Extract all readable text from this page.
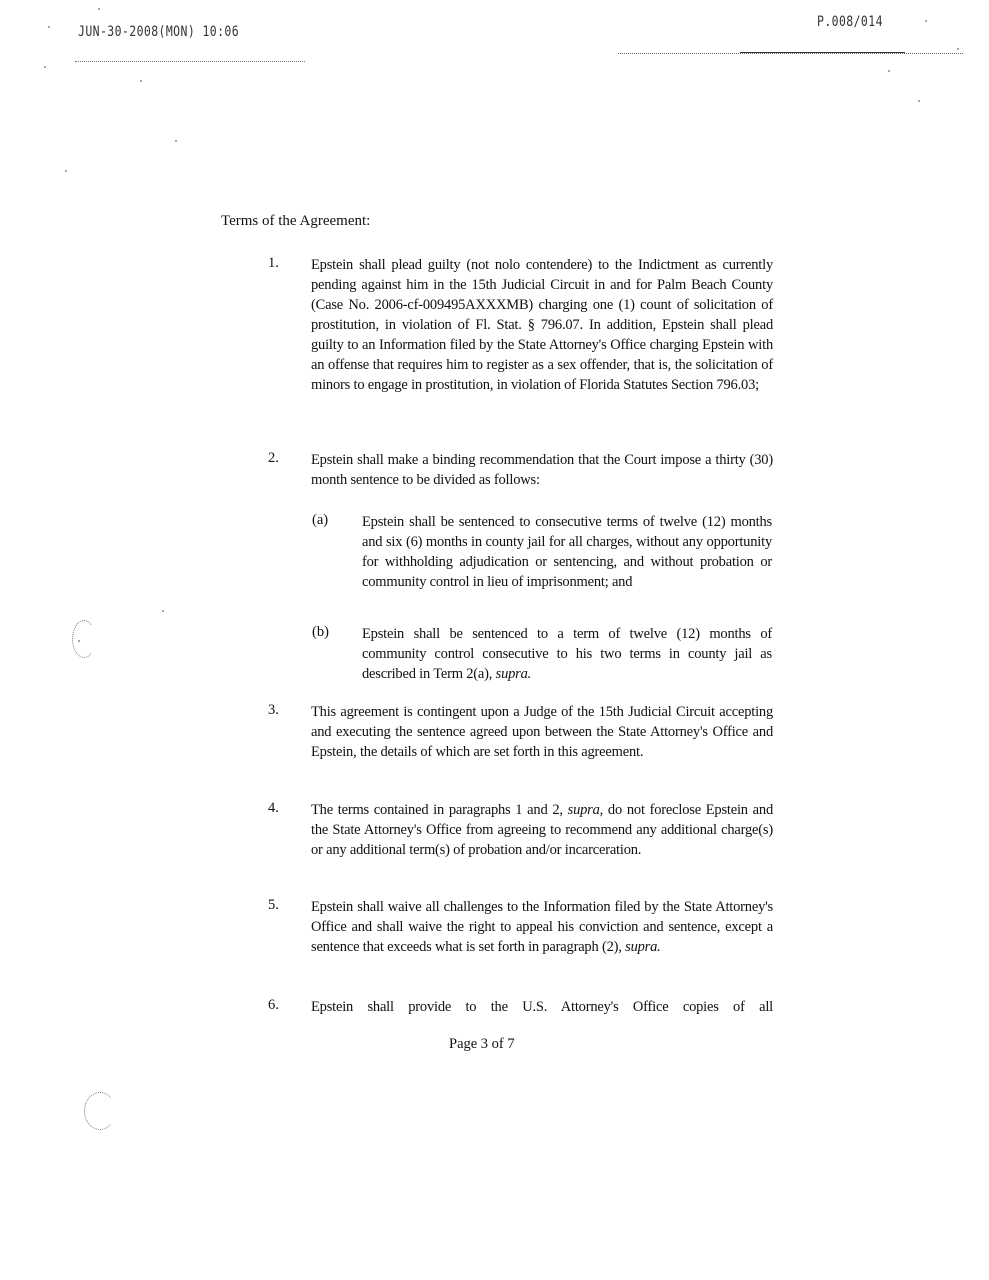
JUN-30-2008(MON) 10:06
P.008/014
Terms of the Agreement:
1. Epstein shall plead guilty (not nolo contendere) to the Indictment as currently pending against him in the 15th Judicial Circuit in and for Palm Beach County (Case No. 2006-cf-009495AXXXMB) charging one (1) count of solicitation of prostitution, in violation of Fl. Stat. § 796.07. In addition, Epstein shall plead guilty to an Information filed by the State Attorney's Office charging Epstein with an offense that requires him to register as a sex offender, that is, the solicitation of minors to engage in prostitution, in violation of Florida Statutes Section 796.03;
2. Epstein shall make a binding recommendation that the Court impose a thirty (30) month sentence to be divided as follows:
(a) Epstein shall be sentenced to consecutive terms of twelve (12) months and six (6) months in county jail for all charges, without any opportunity for withholding adjudication or sentencing, and without probation or community control in lieu of imprisonment; and
(b) Epstein shall be sentenced to a term of twelve (12) months of community control consecutive to his two terms in county jail as described in Term 2(a), supra.
3. This agreement is contingent upon a Judge of the 15th Judicial Circuit accepting and executing the sentence agreed upon between the State Attorney's Office and Epstein, the details of which are set forth in this agreement.
4. The terms contained in paragraphs 1 and 2, supra, do not foreclose Epstein and the State Attorney's Office from agreeing to recommend any additional charge(s) or any additional term(s) of probation and/or incarceration.
5. Epstein shall waive all challenges to the Information filed by the State Attorney's Office and shall waive the right to appeal his conviction and sentence, except a sentence that exceeds what is set forth in paragraph (2), supra.
6. Epstein shall provide to the U.S. Attorney's Office copies of all
Page 3 of 7
